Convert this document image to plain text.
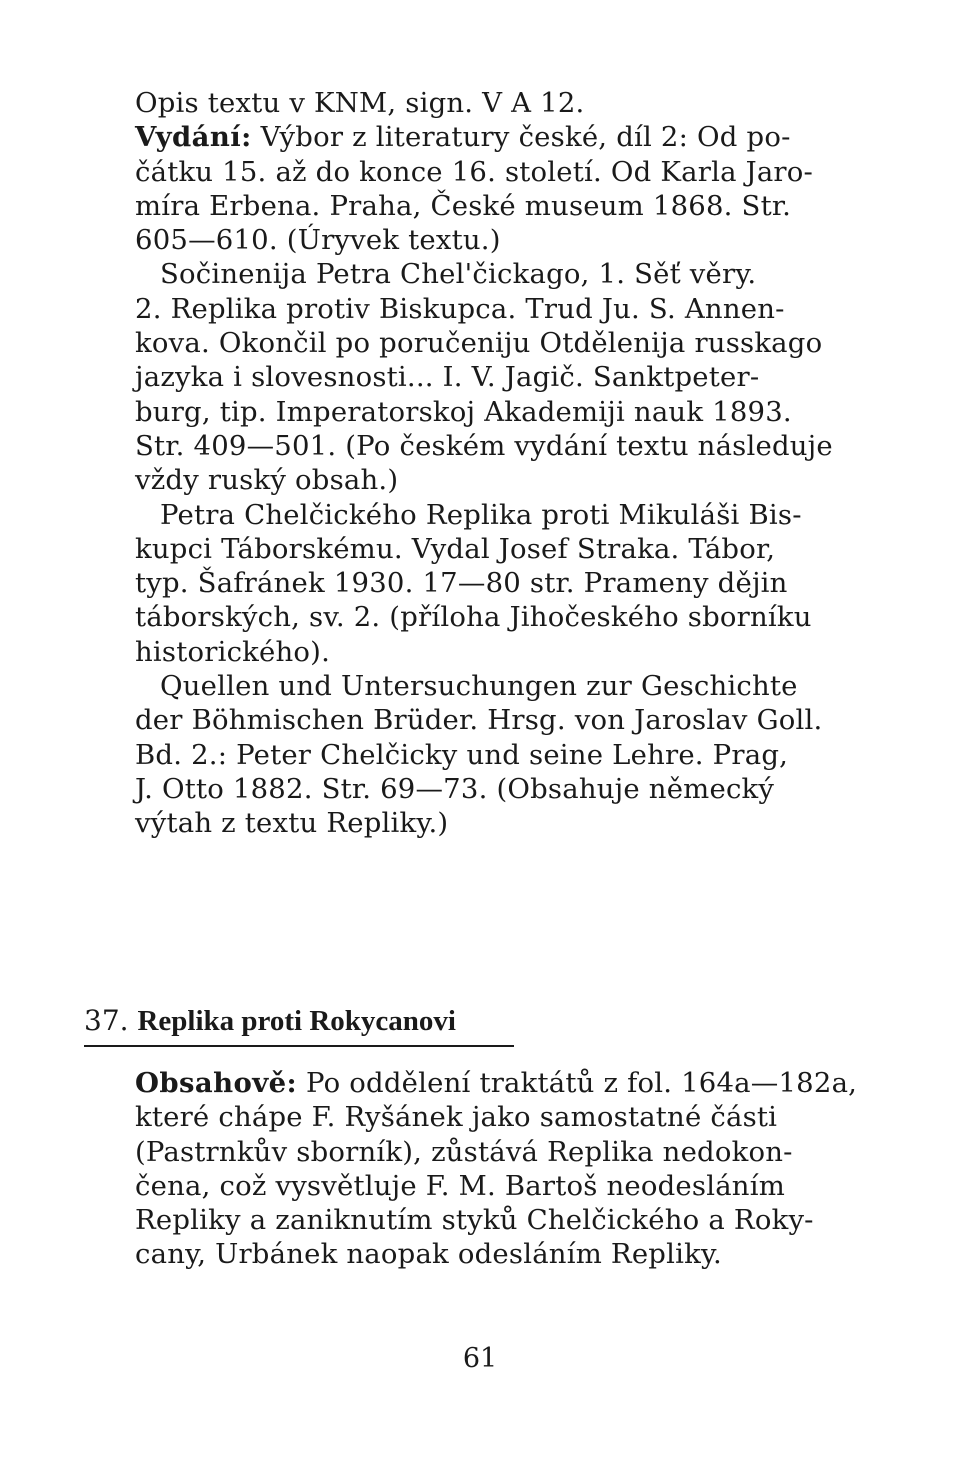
Opis textu v KNM, sign. V A 12.
Vydání: Výbor z literatury české, díl 2: Od po-
čátku 15. až do konce 16. století. Od Karla Jaro-
míra Erbena. Praha, České museum 1868. Str.
605—610. (Úryvek textu.)
Sočinenija Petra Chel'čickago, 1. Sěť věry.
2. Replika protiv Biskupca. Trud Ju. S. Annen-
kova. Okončil po poručeniju Otdělenija russkago
jazyka i slovesnosti... I. V. Jagič. Sanktpeter-
burg, tip. Imperatorskoj Akademiji nauk 1893.
Str. 409—501. (Po českém vydání textu následuje
vždy ruský obsah.)
Petra Chelčického Replika proti Mikuláši Bis-
kupci Táborskému. Vydal Josef Straka. Tábor,
typ. Šafránek 1930. 17—80 str. Prameny dějin
táborských, sv. 2. (příloha Jihočeského sborníku
historického).
Quellen und Untersuchungen zur Geschichte
der Böhmischen Brüder. Hrsg. von Jaroslav Goll.
Bd. 2.: Peter Chelčicky und seine Lehre. Prag,
J. Otto 1882. Str. 69—73. (Obsahuje německý
výtah z textu Repliky.)
37. Replika proti Rokycanovi
Obsahově: Po oddělení traktátů z fol. 164a—182a,
které chápe F. Ryšánek jako samostatné části
(Pastrnkův sborník), zůstává Replika nedokon-
čena, což vysvětluje F. M. Bartoš neodesláním
Repliky a zaniknutím styků Chelčického a Roky-
cany, Urbánek naopak odesláním Repliky.
61
